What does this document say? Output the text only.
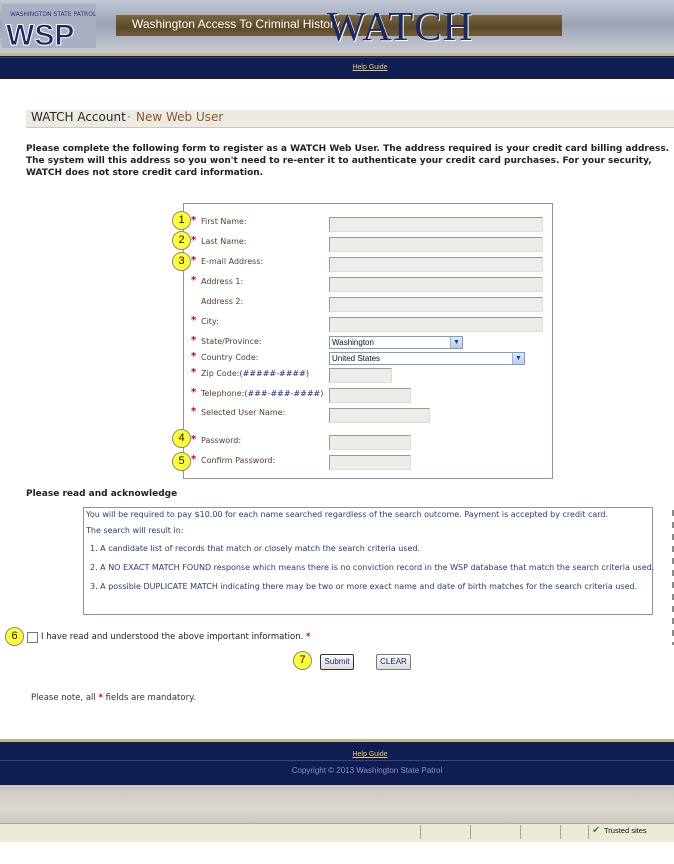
WASHINGTON STATE PATROL
WSP	Washington Access To Criminal History
WATCH
Help Guide
WATCH Account · New Web User
Please complete the following form to register as a WATCH Web User. The address required is your credit card billing address. The system will this address so you won't need to re-enter it to authenticate your credit card purchases. For your security, WATCH does not store credit card information.
1
2
3
4
5
6
7
* First Name:
* Last Name:
* E-mail Address:
* Address 1:
Address 2:
* City:
* State/Province:	Washington	▼
* Country Code:	United States	▼
* Zip Code:(#####-####)
* Telephone:(###-###-####)
* Selected User Name:
* Password:
* Confirm Password:
Please read and acknowledge
You will be required to pay $10.00 for each name searched regardless of the search outcome. Payment is accepted by credit card.
The search will result in:
1. A candidate list of records that match or closely match the search criteria used.
2. A NO EXACT MATCH FOUND response which means there is no conviction record in the WSP database that match the search criteria used.
3. A possible DUPLICATE MATCH indicating there may be two or more exact name and date of birth matches for the search criteria used.
I have read and understood the above important information. *
Submit	CLEAR
Please note, all * fields are mandatory.
Help Guide
Copyright © 2013 Washington State Patrol
✔ Trusted sites
